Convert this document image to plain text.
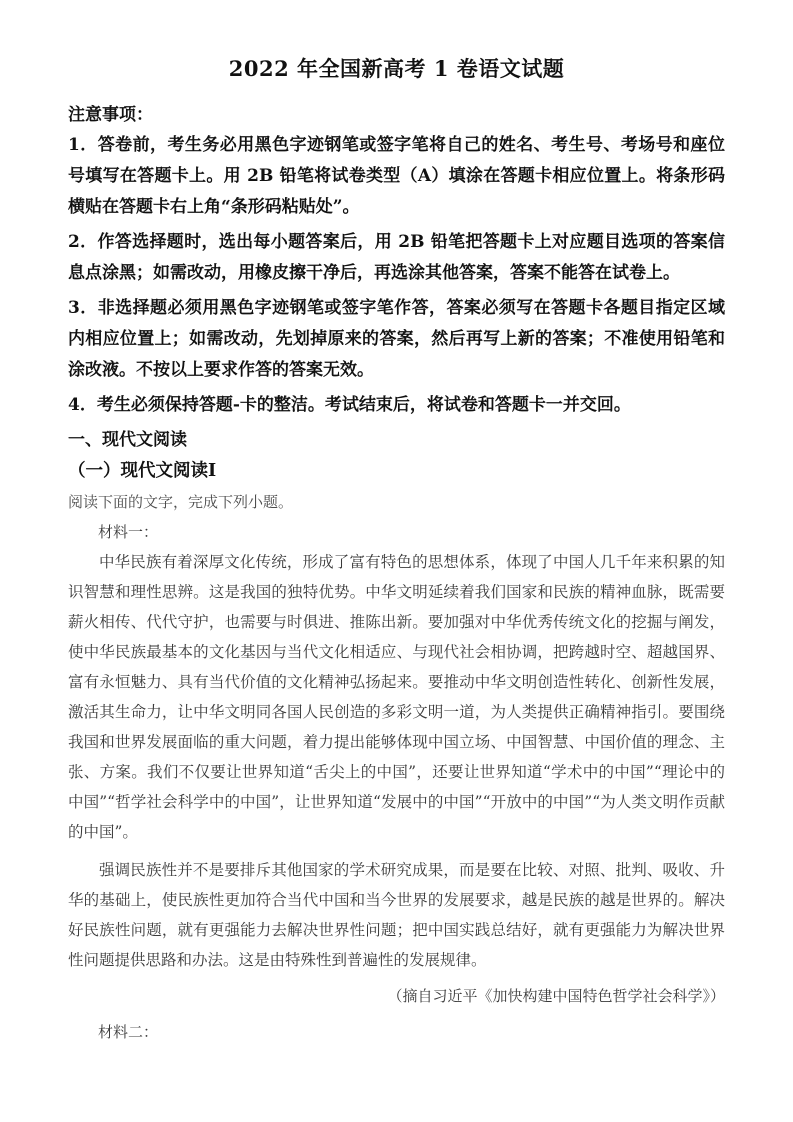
2022 年全国新高考 1 卷语文试题

注意事项：

1．答卷前，考生务必用黑色字迹钢笔或签字笔将自己的姓名、考生号、考场号和座位号填写在答题卡上。用 2B 铅笔将试卷类型（A）填涂在答题卡相应位置上。将条形码横贴在答题卡右上角“条形码粘贴处”。

2．作答选择题时，选出每小题答案后，用 2B 铅笔把答题卡上对应题目选项的答案信息点涂黑；如需改动，用橡皮擦干净后，再选涂其他答案，答案不能答在试卷上。

3．非选择题必须用黑色字迹钢笔或签字笔作答，答案必须写在答题卡各题目指定区域内相应位置上；如需改动，先划掉原来的答案，然后再写上新的答案；不准使用铅笔和涂改液。不按以上要求作答的答案无效。

4．考生必须保持答题-卡的整洁。考试结束后，将试卷和答题卡一并交回。

一、现代文阅读
（一）现代文阅读Ⅰ

阅读下面的文字，完成下列小题。

材料一：

中华民族有着深厚文化传统，形成了富有特色的思想体系，体现了中国人几千年来积累的知识智慧和理性思辨。这是我国的独特优势。中华文明延续着我们国家和民族的精神血脉，既需要薪火相传、代代守护，也需要与时俱进、推陈出新。要加强对中华优秀传统文化的挖掘与阐发，使中华民族最基本的文化基因与当代文化相适应、与现代社会相协调，把跨越时空、超越国界、富有永恒魅力、具有当代价值的文化精神弘扬起来。要推动中华文明创造性转化、创新性发展，激活其生命力，让中华文明同各国人民创造的多彩文明一道，为人类提供正确精神指引。要围绕我国和世界发展面临的重大问题，着力提出能够体现中国立场、中国智慧、中国价值的理念、主张、方案。我们不仅要让世界知道“舌尖上的中国”，还要让世界知道“学术中的中国”“理论中的中国”“哲学社会科学中的中国”，让世界知道“发展中的中国”“开放中的中国”“为人类文明作贡献的中国”。

强调民族性并不是要排斥其他国家的学术研究成果，而是要在比较、对照、批判、吸收、升华的基础上，使民族性更加符合当代中国和当今世界的发展要求，越是民族的越是世界的。解决好民族性问题，就有更强能力去解决世界性问题；把中国实践总结好，就有更强能力为解决世界性问题提供思路和办法。这是由特殊性到普遍性的发展规律。

（摘自习近平《加快构建中国特色哲学社会科学》）

材料二：
